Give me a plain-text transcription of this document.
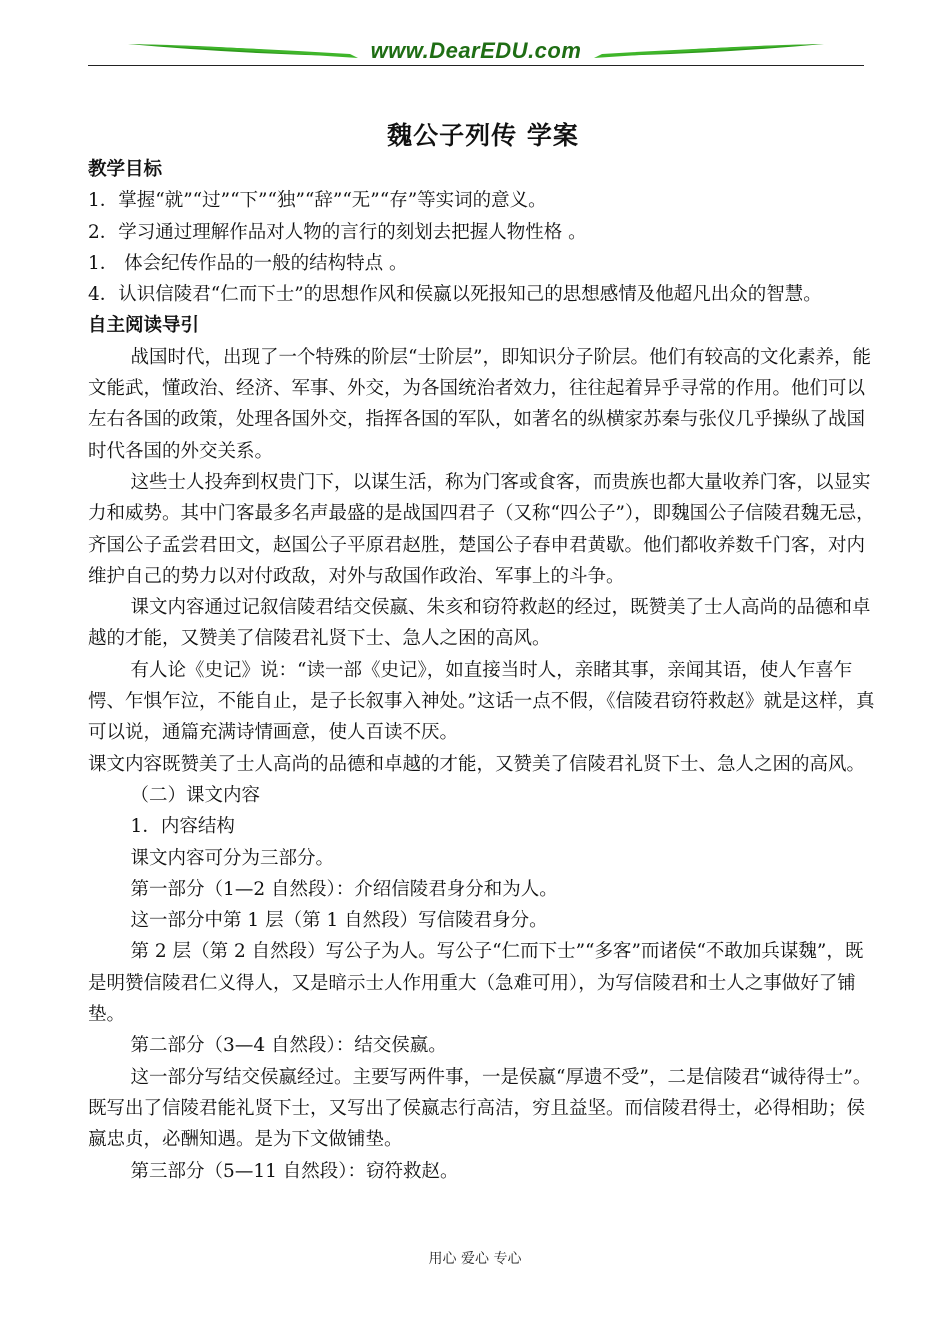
www.DearEDU.com

魏公子列传 学案

教学目标

1．掌握“就”“过”“下”“独”“辞”“无”“存”等实词的意义。

2．学习通过理解作品对人物的言行的刻划去把握人物性格 。

1． 体会纪传作品的一般的结构特点 。

4．认识信陵君“仁而下士”的思想作风和侯嬴以死报知己的思想感情及他超凡出众的智慧。

自主阅读导引

战国时代，出现了一个特殊的阶层“士阶层”，即知识分子阶层。他们有较高的文化素养，能文能武，懂政治、经济、军事、外交，为各国统治者效力，往往起着异乎寻常的作用。他们可以左右各国的政策，处理各国外交，指挥各国的军队，如著名的纵横家苏秦与张仪几乎操纵了战国时代各国的外交关系。

这些士人投奔到权贵门下，以谋生活，称为门客或食客，而贵族也都大量收养门客，以显实力和威势。其中门客最多名声最盛的是战国四君子（又称“四公子”），即魏国公子信陵君魏无忌，齐国公子孟尝君田文，赵国公子平原君赵胜，楚国公子春申君黄歇。他们都收养数千门客，对内维护自己的势力以对付政敌，对外与敌国作政治、军事上的斗争。

课文内容通过记叙信陵君结交侯嬴、朱亥和窃符救赵的经过，既赞美了士人高尚的品德和卓越的才能，又赞美了信陵君礼贤下士、急人之困的高风。

有人论《史记》说：“读一部《史记》，如直接当时人，亲睹其事，亲闻其语，使人乍喜乍愕、乍惧乍泣，不能自止，是子长叙事入神处。”这话一点不假，《信陵君窃符救赵》就是这样，真可以说，通篇充满诗情画意，使人百读不厌。

课文内容既赞美了士人高尚的品德和卓越的才能，又赞美了信陵君礼贤下士、急人之困的高风。

（二）课文内容

1．内容结构

课文内容可分为三部分。

第一部分（1—2 自然段）：介绍信陵君身分和为人。

这一部分中第 1 层（第 1 自然段）写信陵君身分。

第 2 层（第 2 自然段）写公子为人。写公子“仁而下士”“多客”而诸侯“不敢加兵谋魏”，既是明赞信陵君仁义得人，又是暗示士人作用重大（急难可用），为写信陵君和士人之事做好了铺垫。

第二部分（3—4 自然段）：结交侯嬴。

这一部分写结交侯嬴经过。主要写两件事，一是侯嬴“厚遗不受”，二是信陵君“诚待得士”。既写出了信陵君能礼贤下士，又写出了侯嬴志行高洁，穷且益坚。而信陵君得士，必得相助；侯嬴忠贞，必酬知遇。是为下文做铺垫。

第三部分（5—11 自然段）：窃符救赵。

用心 爱心 专心
